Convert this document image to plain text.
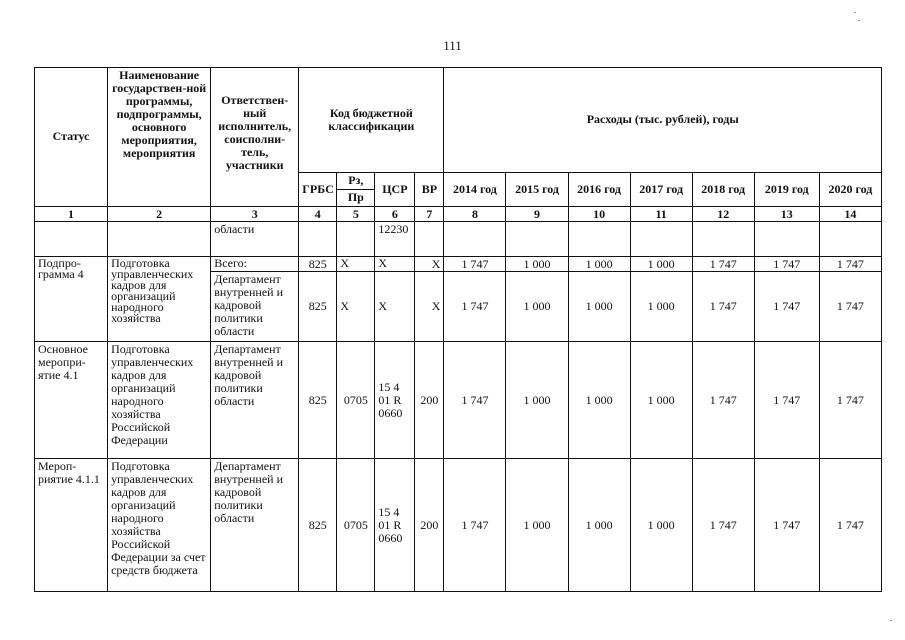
111
Статус	Наименование государствен-ной программы, подпрограммы, основного мероприятия, мероприятия	Ответствен-ный исполнитель, соисполни-тель, участники	Код бюджетной классификации				Расходы (тыс. рублей), годы						
			ГРБС	Рз,	ЦСР	ВР	2014 год	2015 год	2016 год	2017 год	2018 год	2019 год	2020 год
				Пр									
1	2	3	4	5	6	7	8	9	10	11	12	13	14
		области			12230								
Подпро-грамма 4	Подготовка управленческих кадров для организаций народного хозяйства	Всего:	825	Х	Х	Х	1 747	1 000	1 000	1 000	1 747	1 747	1 747
		Департамент внутренней и кадровой политики области	825	Х	Х	Х	1 747	1 000	1 000	1 000	1 747	1 747	1 747
Основное меропри-ятие 4.1	Подготовка управленческих кадров для организаций народного хозяйства Российской Федерации	Департамент внутренней и кадровой политики области	825	0705	15 4 01 R 0660	200	1 747	1 000	1 000	1 000	1 747	1 747	1 747
Мероп-риятие 4.1.1	Подготовка управленческих кадров для организаций народного хозяйства Российской Федерации за счет средств бюджета	Департамент внутренней и кадровой политики области	825	0705	15 4 01 R 0660	200	1 747	1 000	1 000	1 000	1 747	1 747	1 747
